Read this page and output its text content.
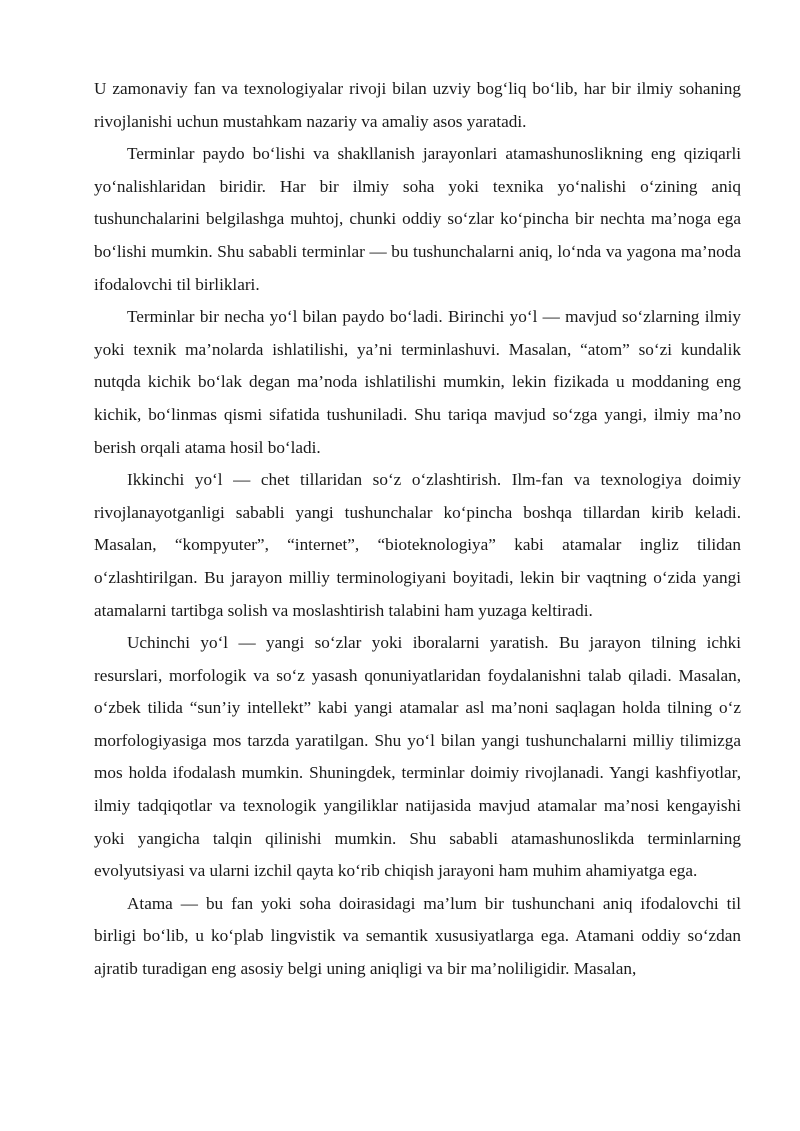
U zamonaviy fan va texnologiyalar rivoji bilan uzviy bog‘liq bo‘lib, har bir ilmiy sohaning rivojlanishi uchun mustahkam nazariy va amaliy asos yaratadi.

Terminlar paydo bo‘lishi va shakllanish jarayonlari atamashunoslikning eng qiziqarli yo‘nalishlaridan biridir. Har bir ilmiy soha yoki texnika yo‘nalishi o‘zining aniq tushunchalarini belgilashga muhtoj, chunki oddiy so‘zlar ko‘pincha bir nechta ma’noga ega bo‘lishi mumkin. Shu sababli terminlar — bu tushunchalarni aniq, lo‘nda va yagona ma’noda ifodalovchi til birliklari.

Terminlar bir necha yo‘l bilan paydo bo‘ladi. Birinchi yo‘l — mavjud so‘zlarning ilmiy yoki texnik ma’nolarda ishlatilishi, ya’ni terminlashuvi. Masalan, “atom” so‘zi kundalik nutqda kichik bo‘lak degan ma’noda ishlatilishi mumkin, lekin fizikada u moddaning eng kichik, bo‘linmas qismi sifatida tushuniladi. Shu tariqa mavjud so‘zga yangi, ilmiy ma’no berish orqali atama hosil bo‘ladi.

Ikkinchi yo‘l — chet tillaridan so‘z o‘zlashtirish. Ilm-fan va texnologiya doimiy rivojlanayotganligi sababli yangi tushunchalar ko‘pincha boshqa tillardan kirib keladi. Masalan, “kompyuter”, “internet”, “bioteknologiya” kabi atamalar ingliz tilidan o‘zlashtirilgan. Bu jarayon milliy terminologiyani boyitadi, lekin bir vaqtning o‘zida yangi atamalarni tartibga solish va moslashtirish talabini ham yuzaga keltiradi.

Uchinchi yo‘l — yangi so‘zlar yoki iboralarni yaratish. Bu jarayon tilning ichki resurslari, morfologik va so‘z yasash qonuniyatlaridan foydalanishni talab qiladi. Masalan, o‘zbek tilida “sun’iy intellekt” kabi yangi atamalar asl ma’noni saqlagan holda tilning o‘z morfologiyasiga mos tarzda yaratilgan. Shu yo‘l bilan yangi tushunchalarni milliy tilimizga mos holda ifodalash mumkin. Shuningdek, terminlar doimiy rivojlanadi. Yangi kashfiyotlar, ilmiy tadqiqotlar va texnologik yangiliklar natijasida mavjud atamalar ma’nosi kengayishi yoki yangicha talqin qilinishi mumkin. Shu sababli atamashunoslikda terminlarning evolyutsiyasi va ularni izchil qayta ko‘rib chiqish jarayoni ham muhim ahamiyatga ega.

Atama — bu fan yoki soha doirasidagi ma’lum bir tushunchani aniq ifodalovchi til birligi bo‘lib, u ko‘plab lingvistik va semantik xususiyatlarga ega. Atamani oddiy so‘zdan ajratib turadigan eng asosiy belgi uning aniqligi va bir ma’noliligidir. Masalan,
